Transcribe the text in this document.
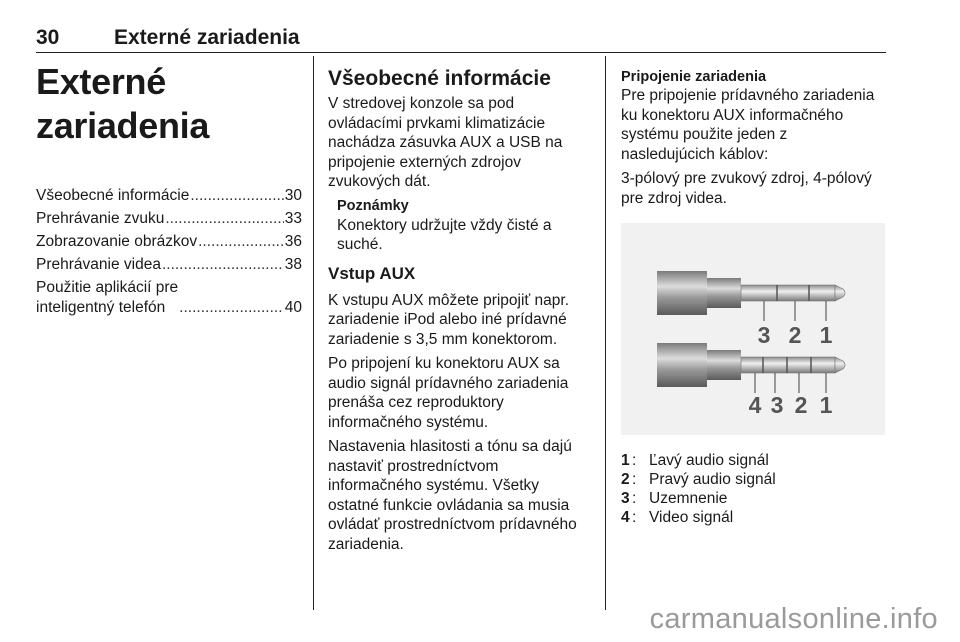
30	Externé zariadenia
Externé zariadenia
Všeobecné informácie .....	30
Prehrávanie zvuku .....	33
Zobrazovanie obrázkov .....	36
Prehrávanie videa .....	38
Použitie aplikácií pre
inteligentný telefón .....	40
Všeobecné informácie

V stredovej konzole sa pod
ovládacími prvkami klimatizácie
nachádza zásuvka AUX a USB na
pripojenie externých zdrojov
zvukových dát.

Poznámky
Konektory udržujte vždy čisté a
suché.
Vstup AUX

K vstupu AUX môžete pripojiť napr.
zariadenie iPod alebo iné prídavné
zariadenie s 3,5 mm konektorom.

Po pripojení ku konektoru AUX sa
audio signál prídavného zariadenia
prenáša cez reproduktory
informačného systému.

Nastavenia hlasitosti a tónu sa dajú
nastaviť prostredníctvom
informačného systému. Všetky
ostatné funkcie ovládania sa musia
ovládať prostredníctvom prídavného
zariadenia.

Pripojenie zariadenia

Pre pripojenie prídavného zariadenia
ku konektoru AUX informačného
systému použite jeden z
nasledujúcich káblov:

3-pólový pre zvukový zdroj, 4-pólový
pre zdroj videa.

3 2 1
4 3 2 1
1 : Ľavý audio signál
2 : Pravý audio signál
3 : Uzemnenie
4 : Video signál
carmanualsonline.info
